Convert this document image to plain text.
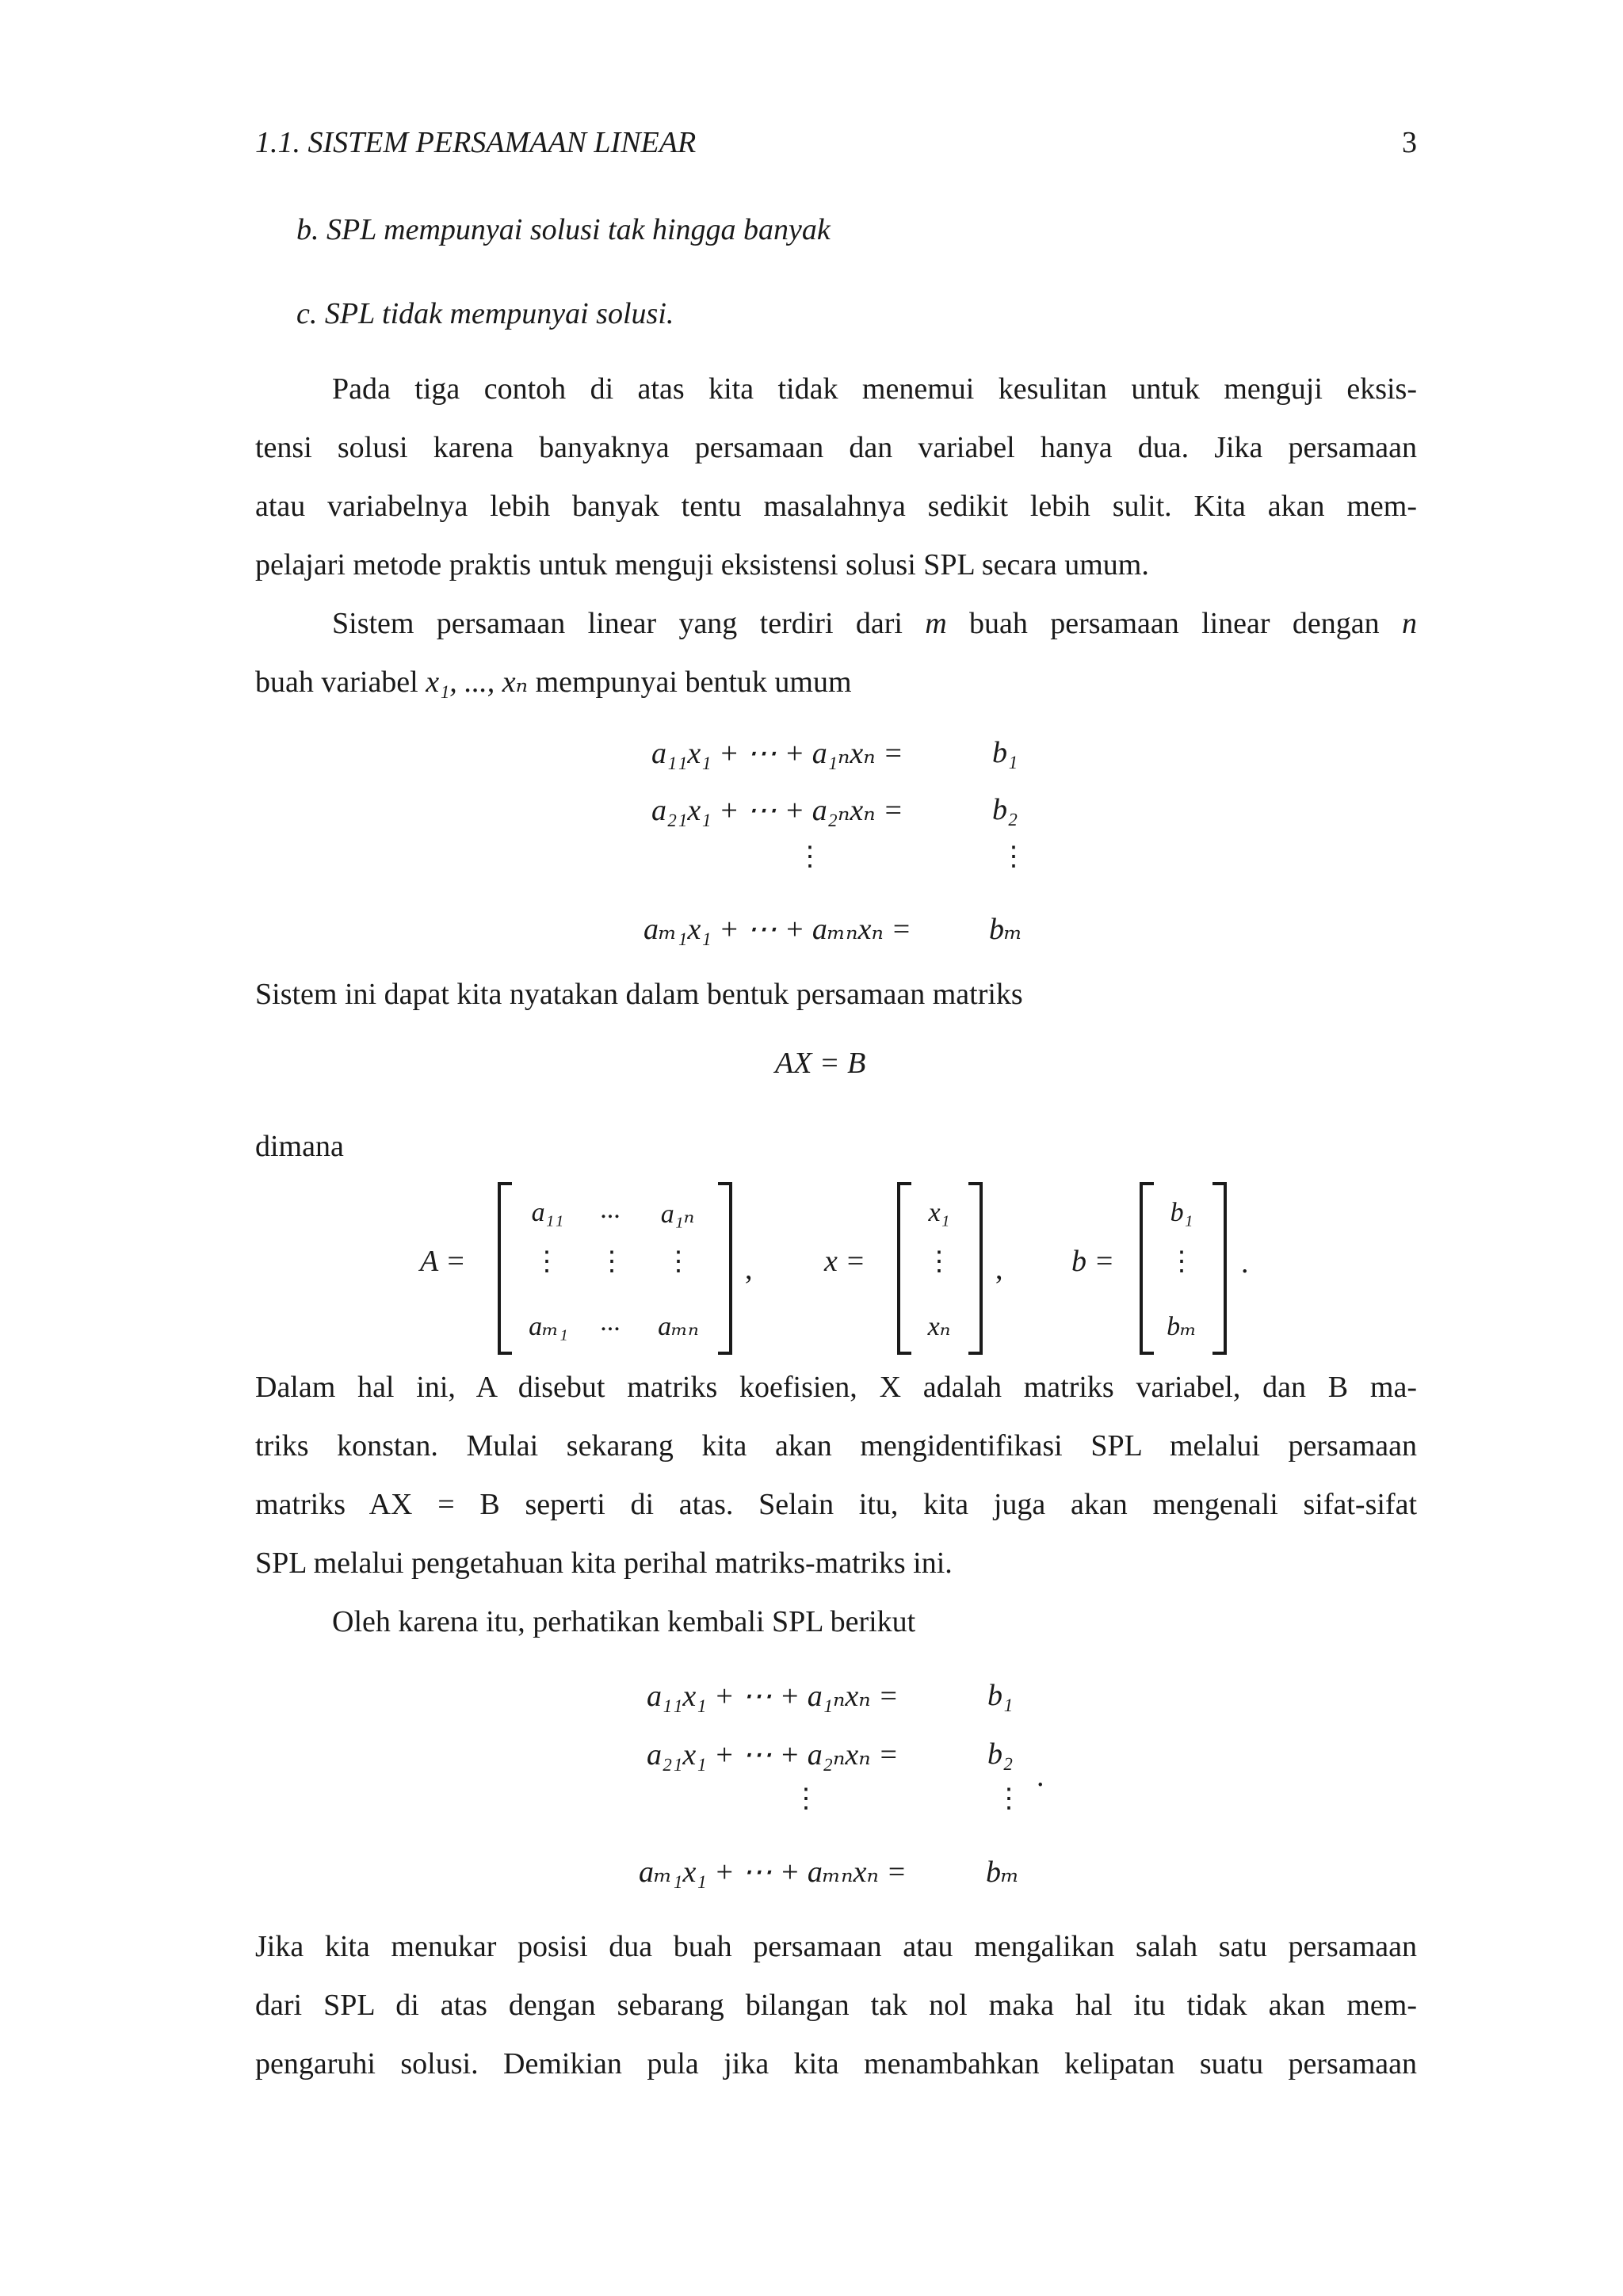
1.1. SISTEM PERSAMAAN LINEAR	3
b. SPL mempunyai solusi tak hingga banyak
c. SPL tidak mempunyai solusi.
Pada tiga contoh di atas kita tidak menemui kesulitan untuk menguji eksis-
tensi solusi karena banyaknya persamaan dan variabel hanya dua. Jika persamaan
atau variabelnya lebih banyak tentu masalahnya sedikit lebih sulit. Kita akan mem-
pelajari metode praktis untuk menguji eksistensi solusi SPL secara umum.
Sistem persamaan linear yang terdiri dari m buah persamaan linear dengan n
buah variabel x₁, ..., xₙ mempunyai bentuk umum
a₁₁x₁ + ⋯ + a₁ₙxₙ =	b₁
a₂₁x₁ + ⋯ + a₂ₙxₙ =	b₂
⋮	⋮
aₘ₁x₁ + ⋯ + aₘₙxₙ =	bₘ
Sistem ini dapat kita nyatakan dalam bentuk persamaan matriks
AX = B
dimana
A =
a₁₁	...	a₁ₙ
⋮ ⋮ ⋮
aₘ₁	...	aₘₙ
, x =
x₁
⋮
xₙ
, b =
b₁
⋮
bₘ
.
Dalam hal ini, A disebut matriks koefisien, X adalah matriks variabel, dan B ma-
triks konstan. Mulai sekarang kita akan mengidentifikasi SPL melalui persamaan
matriks AX = B seperti di atas. Selain itu, kita juga akan mengenali sifat-sifat
SPL melalui pengetahuan kita perihal matriks-matriks ini.
Oleh karena itu, perhatikan kembali SPL berikut
a₁₁x₁ + ⋯ + a₁ₙxₙ =	b₁
a₂₁x₁ + ⋯ + a₂ₙxₙ =	b₂
⋮	⋮
.
aₘ₁x₁ + ⋯ + aₘₙxₙ =	bₘ
Jika kita menukar posisi dua buah persamaan atau mengalikan salah satu persamaan
dari SPL di atas dengan sebarang bilangan tak nol maka hal itu tidak akan mem-
pengaruhi solusi. Demikian pula jika kita menambahkan kelipatan suatu persamaan
